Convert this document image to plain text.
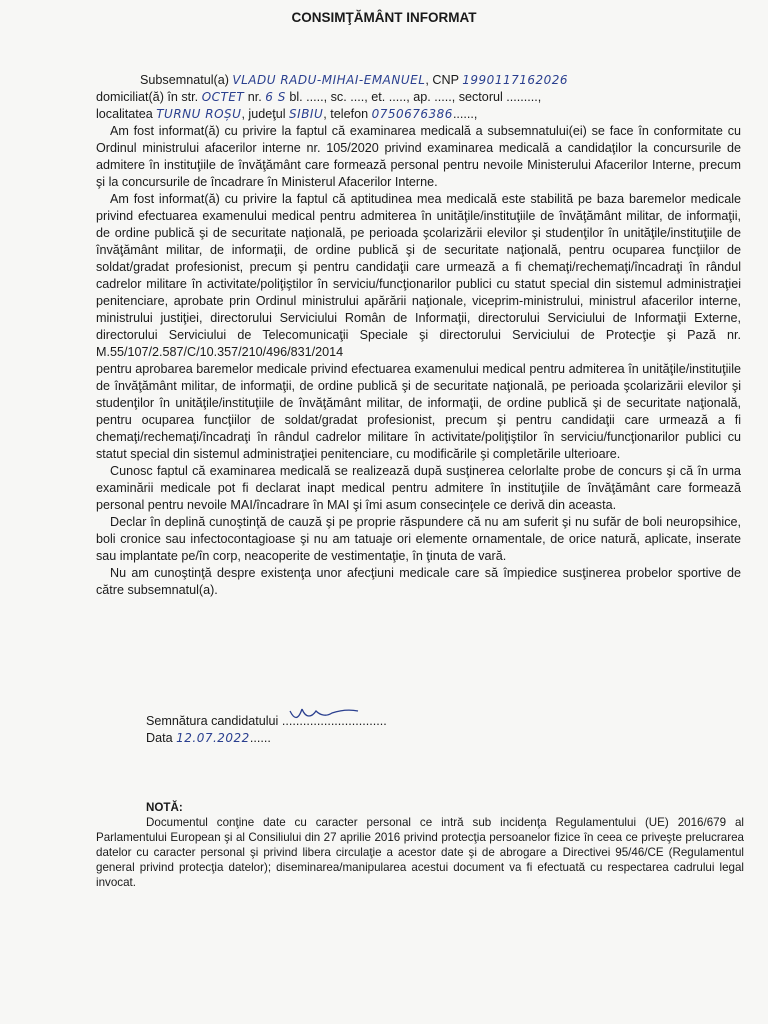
CONSIMŢĂMÂNT INFORMAT
Subsemnatul(a) VLADU RADU-MIHAI-EMANUEL, CNP 1990117162026
domiciliat(ă) în str. OCTET nr. 6 S bl. ....., sc. ...., et. ....., ap. ....., sectorul .........,
localitatea TURNU ROȘU, judeţul SIBIU, telefon 0750676386......,

Am fost informat(ă) cu privire la faptul că examinarea medicală a subsemnatului(ei) se face în conformitate cu Ordinul ministrului afacerilor interne nr. 105/2020 privind examinarea medicală a candidaţilor la concursurile de admitere în instituţiile de învăţământ care formează personal pentru nevoile Ministerului Afacerilor Interne, precum şi la concursurile de încadrare în Ministerul Afacerilor Interne.

Am fost informat(ă) cu privire la faptul că aptitudinea mea medicală este stabilită pe baza baremelor medicale privind efectuarea examenului medical pentru admiterea în unităţile/instituţiile de învăţământ militar, de informaţii, de ordine publică şi de securitate naţională, pe perioada şcolarizării elevilor şi studenţilor în unităţile/instituţiile de învăţământ militar, de informaţii, de ordine publică şi de securitate naţională, pentru ocuparea funcţiilor de soldat/gradat profesionist, precum şi pentru candidaţii care urmează a fi chemaţi/rechemaţi/încadraţi în rândul cadrelor militare în activitate/poliţiştilor în serviciu/funcţionarilor publici cu statut special din sistemul administraţiei penitenciare, aprobate prin Ordinul ministrului apărării naţionale, viceprim-ministrului, ministrul afacerilor interne, ministrului justiţiei, directorului Serviciului Român de Informaţii, directorului Serviciului de Informaţii Externe, directorului Serviciului de Telecomunicaţii Speciale şi directorului Serviciului de Protecţie şi Pază nr. M.55/107/2.587/C/10.357/210/496/831/2014

pentru aprobarea baremelor medicale privind efectuarea examenului medical pentru admiterea în unităţile/instituţiile de învăţământ militar, de informaţii, de ordine publică şi de securitate naţională, pe perioada şcolarizării elevilor şi studenţilor în unităţile/instituţiile de învăţământ militar, de informaţii, de ordine publică şi de securitate naţională, pentru ocuparea funcţiilor de soldat/gradat profesionist, precum şi pentru candidaţii care urmează a fi chemaţi/rechemaţi/încadraţi în rândul cadrelor militare în activitate/poliţiştilor în serviciu/funcţionarilor publici cu statut special din sistemul administraţiei penitenciare, cu modificările şi completările ulterioare.

Cunosc faptul că examinarea medicală se realizează după susţinerea celorlalte probe de concurs şi că în urma examinării medicale pot fi declarat inapt medical pentru admitere în instituţiile de învăţământ care formează personal pentru nevoile MAI/încadrare în MAI şi îmi asum consecinţele ce derivă din aceasta.

Declar în deplină cunoştinţă de cauză şi pe proprie răspundere că nu am suferit şi nu sufăr de boli neuropsihice, boli cronice sau infectocontagioase şi nu am tatuaje ori elemente ornamentale, de orice natură, aplicate, inserate sau implantate pe/în corp, neacoperite de vestimentaţie, în ţinuta de vară.

Nu am cunoştinţă despre existenţa unor afecţiuni medicale care să împiedice susţinerea probelor sportive de către subsemnatul(a).

Semnătura candidatului
..............................
Data 12.07.2022......
NOTĂ:

Documentul conţine date cu caracter personal ce intră sub incidenţa Regulamentului (UE) 2016/679 al Parlamentului European şi al Consiliului din 27 aprilie 2016 privind protecţia persoanelor fizice în ceea ce priveşte prelucrarea datelor cu caracter personal şi privind libera circulaţie a acestor date şi de abrogare a Directivei 95/46/CE (Regulamentul general privind protecţia datelor); diseminarea/manipularea acestui document va fi efectuată cu respectarea cadrului legal invocat.
